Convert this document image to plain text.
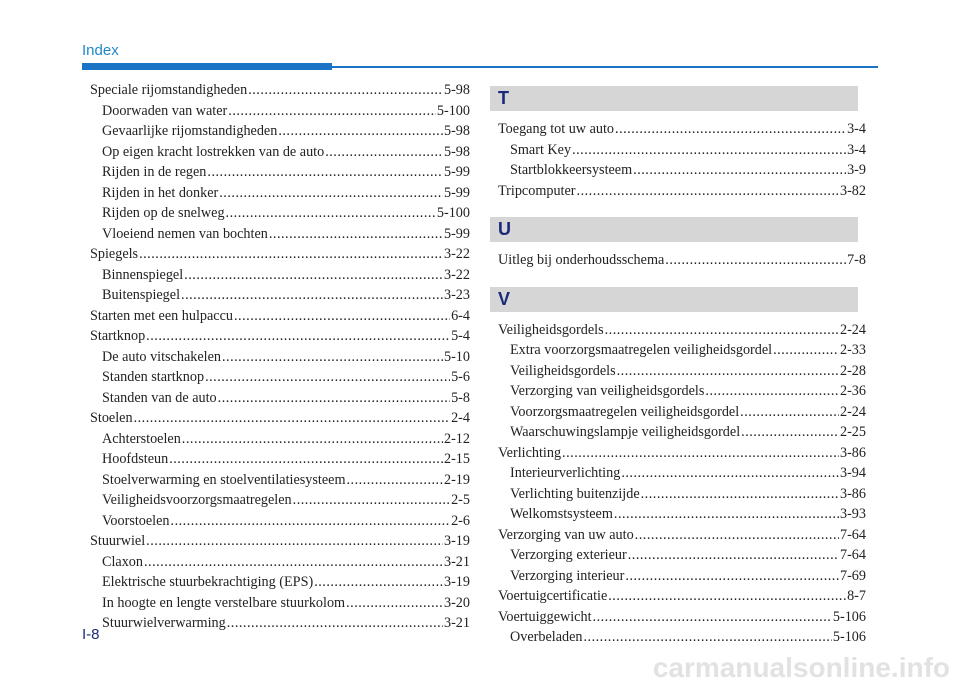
Index
Speciale rijomstandigheden .....	5-98
Doorwaden van water .....	5-100
Gevaarlijke rijomstandigheden .....	5-98
Op eigen kracht lostrekken van de auto .....	5-98
Rijden in de regen .....	5-99
Rijden in het donker .....	5-99
Rijden op de snelweg .....	5-100
Vloeiend nemen van bochten .....	5-99
Spiegels .....	3-22
Binnenspiegel .....	3-22
Buitenspiegel .....	3-23
Starten met een hulpaccu .....	6-4
Startknop .....	5-4
De auto vitschakelen .....	5-10
Standen startknop .....	5-6
Standen van de auto .....	5-8
Stoelen .....	2-4
Achterstoelen .....	2-12
Hoofdsteun .....	2-15
Stoelverwarming en stoelventilatiesysteem .....	2-19
Veiligheidsvoorzorgsmaatregelen .....	2-5
Voorstoelen .....	2-6
Stuurwiel .....	3-19
Claxon .....	3-21
Elektrische stuurbekrachtiging (EPS) .....	3-19
In hoogte en lengte verstelbare stuurkolom .....	3-20
Stuurwielverwarming .....	3-21
T
Toegang tot uw auto .....	3-4
Smart Key .....	3-4
Startblokkeersysteem .....	3-9
Tripcomputer .....	3-82
U
Uitleg bij onderhoudsschema .....	7-8
V
Veiligheidsgordels .....	2-24
Extra voorzorgsmaatregelen veiligheidsgordel .....	2-33
Veiligheidsgordels .....	2-28
Verzorging van veiligheidsgordels .....	2-36
Voorzorgsmaatregelen veiligheidsgordel .....	2-24
Waarschuwingslampje veiligheidsgordel .....	2-25
Verlichting .....	3-86
Interieurverlichting .....	3-94
Verlichting buitenzijde .....	3-86
Welkomstsysteem .....	3-93
Verzorging van uw auto .....	7-64
Verzorging exterieur .....	7-64
Verzorging interieur .....	7-69
Voertuigcertificatie .....	8-7
Voertuiggewicht .....	5-106
Overbeladen .....	5-106
I-8
carmanualsonline.info
